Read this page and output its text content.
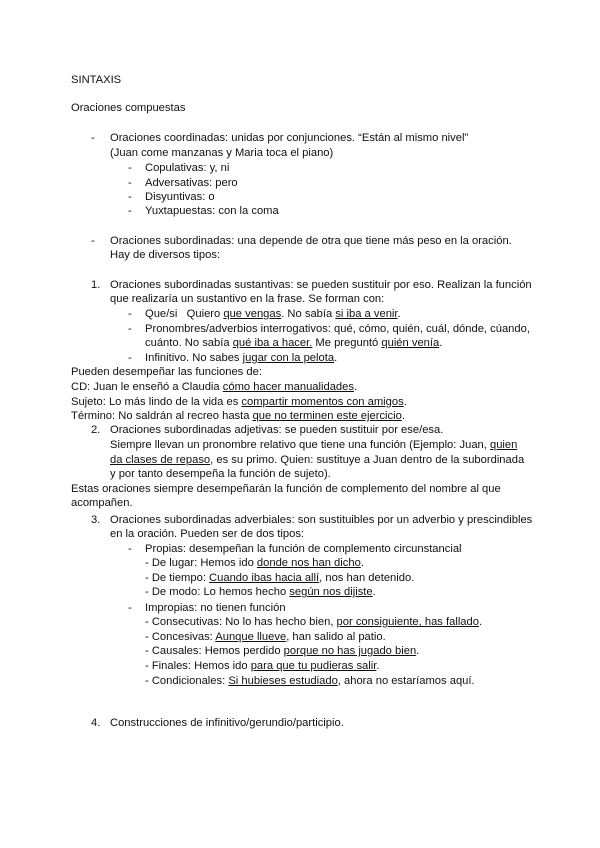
SINTAXIS
Oraciones compuestas
- Oraciones coordinadas: unidas por conjunciones. “Están al mismo nivel”
(Juan come manzanas y Maria toca el piano)
- Copulativas: y, ni
- Adversativas: pero
- Disyuntivas: o
- Yuxtapuestas: con la coma
- Oraciones subordinadas: una depende de otra que tiene más peso en la oración.
Hay de diversos tipos:
1. Oraciones subordinadas sustantivas: se pueden sustituir por eso. Realizan la función
que realizaría un sustantivo en la frase. Se forman con:
- Que/si   Quiero que vengas. No sabía si iba a venir.
- Pronombres/adverbios interrogativos: qué, cómo, quién, cuál, dónde, cúando,
cuánto. No sabía qué iba a hacer. Me preguntó quién venía.
- Infinitivo. No sabes jugar con la pelota.
Pueden desempeñar las funciones de:
CD: Juan le enseñó a Claudia cómo hacer manualidades.
Sujeto: Lo más lindo de la vida es compartir momentos con amigos.
Término: No saldrán al recreo hasta que no terminen este ejercicio.
2. Oraciones subordinadas adjetivas: se pueden sustituir por ese/esa.
Siempre llevan un pronombre relativo que tiene una función (Ejemplo: Juan, quien
da clases de repaso, es su primo. Quien: sustituye a Juan dentro de la subordinada
y por tanto desempeña la función de sujeto).
Estas oraciones siempre desempeñarán la función de complemento del nombre al que
acompañen.
3. Oraciones subordinadas adverbiales: son sustituibles por un adverbio y prescindibles
en la oración. Pueden ser de dos tipos:
- Propias: desempeñan la función de complemento circunstancial
- De lugar: Hemos ido donde nos han dicho.
- De tiempo: Cuando ibas hacia allí, nos han detenido.
- De modo: Lo hemos hecho según nos dijiste.
- Impropias: no tienen función
- Consecutivas: No lo has hecho bien, por consiguiente, has fallado.
- Concesivas: Aunque llueve, han salido al patio.
- Causales: Hemos perdido porque no has jugado bien.
- Finales: Hemos ido para que tu pudieras salir.
- Condicionales: Si hubieses estudiado, ahora no estaríamos aquí.
4. Construcciones de infinitivo/gerundio/participio.
